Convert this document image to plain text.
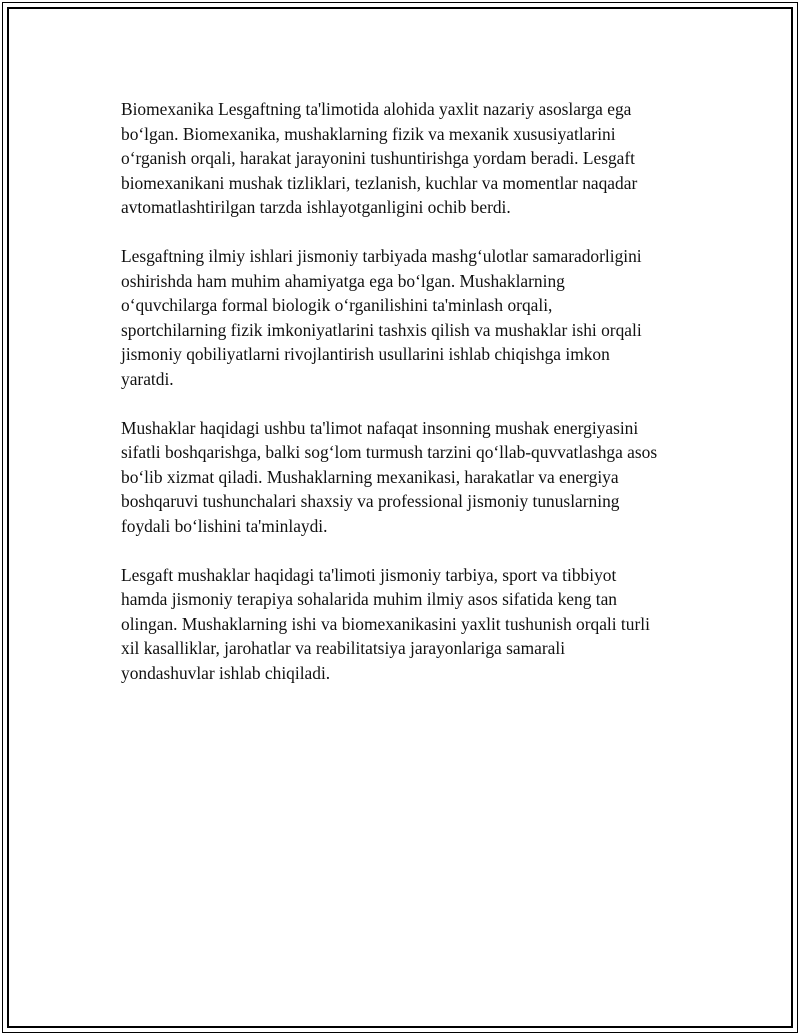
Biomexanika Lesgaftning ta'limotida alohida yaxlit nazariy asoslarga ega
bo‘lgan. Biomexanika, mushaklarning fizik va mexanik xususiyatlarini
o‘rganish orqali, harakat jarayonini tushuntirishga yordam beradi. Lesgaft
biomexanikani mushak tizliklari, tezlanish, kuchlar va momentlar naqadar
avtomatlashtirilgan tarzda ishlayotganligini ochib berdi.

Lesgaftning ilmiy ishlari jismoniy tarbiyada mashg‘ulotlar samaradorligini
oshirishda ham muhim ahamiyatga ega bo‘lgan. Mushaklarning
o‘quvchilarga formal biologik o‘rganilishini ta'minlash orqali,
sportchilarning fizik imkoniyatlarini tashxis qilish va mushaklar ishi orqali
jismoniy qobiliyatlarni rivojlantirish usullarini ishlab chiqishga imkon
yaratdi.

Mushaklar haqidagi ushbu ta'limot nafaqat insonning mushak energiyasini
sifatli boshqarishga, balki sog‘lom turmush tarzini qo‘llab-quvvatlashga asos
bo‘lib xizmat qiladi. Mushaklarning mexanikasi, harakatlar va energiya
boshqaruvi tushunchalari shaxsiy va professional jismoniy tunuslarning
foydali bo‘lishini ta'minlaydi.

Lesgaft mushaklar haqidagi ta'limoti jismoniy tarbiya, sport va tibbiyot
hamda jismoniy terapiya sohalarida muhim ilmiy asos sifatida keng tan
olingan. Mushaklarning ishi va biomexanikasini yaxlit tushunish orqali turli
xil kasalliklar, jarohatlar va reabilitatsiya jarayonlariga samarali
yondashuvlar ishlab chiqiladi.
